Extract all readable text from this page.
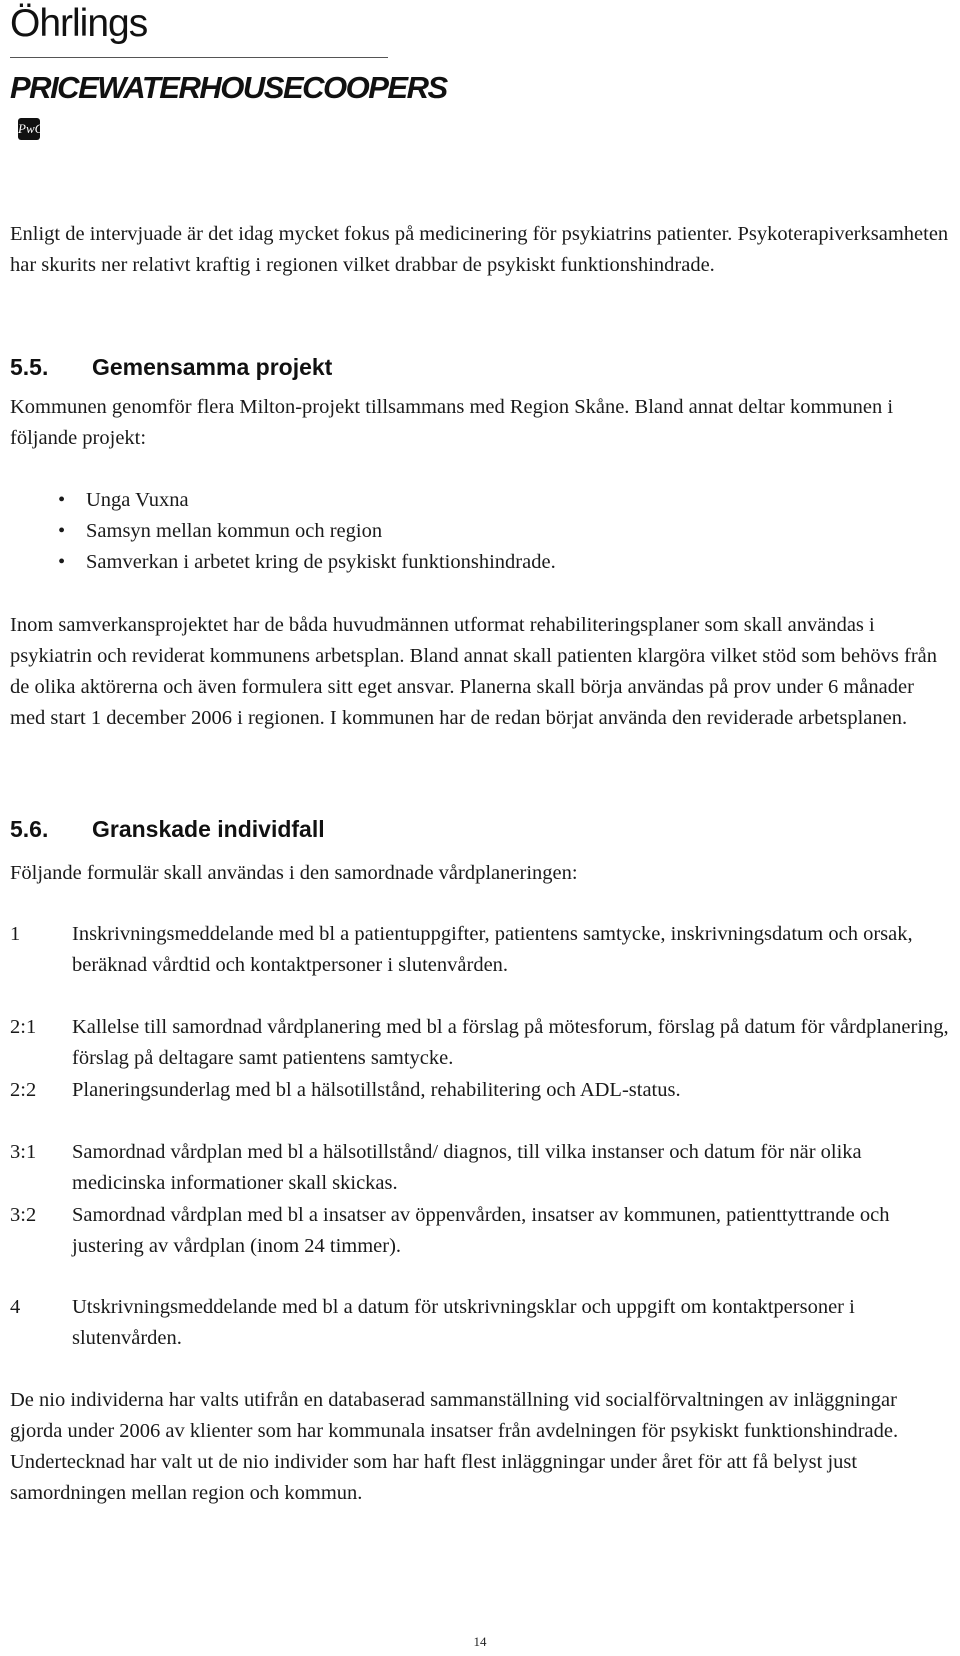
Öhrlings
PRICEWATERHOUSECOOPERS PwC

Enligt de intervjuade är det idag mycket fokus på medicinering för psykiatrins patienter. Psykoterapiverksamheten har skurits ner relativt kraftig i regionen vilket drabbar de psykiskt funktionshindrade.

5.5. Gemensamma projekt

Kommunen genomför flera Milton-projekt tillsammans med Region Skåne. Bland annat deltar kommunen i följande projekt:

• Unga Vuxna
• Samsyn mellan kommun och region
• Samverkan i arbetet kring de psykiskt funktionshindrade.

Inom samverkansprojektet har de båda huvudmännen utformat rehabiliteringsplaner som skall användas i psykiatrin och reviderat kommunens arbetsplan. Bland annat skall patienten klargöra vilket stöd som behövs från de olika aktörerna och även formulera sitt eget ansvar. Planerna skall börja användas på prov under 6 månader med start 1 december 2006 i regionen. I kommunen har de redan börjat använda den reviderade arbetsplanen.

5.6. Granskade individfall

Följande formulär skall användas i den samordnade vårdplaneringen:

1	Inskrivningsmeddelande med bl a patientuppgifter, patientens samtycke, inskrivningsdatum och orsak, beräknad vårdtid och kontaktpersoner i slutenvården.
2:1 Kallelse till samordnad vårdplanering med bl a förslag på mötesforum, förslag på datum för vårdplanering, förslag på deltagare samt patientens samtycke.
2:2 Planeringsunderlag med bl a hälsotillstånd, rehabilitering och ADL-status.
3:1 Samordnad vårdplan med bl a hälsotillstånd/ diagnos, till vilka instanser och datum för när olika medicinska informationer skall skickas.
3:2 Samordnad vårdplan med bl a insatser av öppenvården, insatser av kommunen, patienttyttrande och justering av vårdplan (inom 24 timmer).
4	Utskrivningsmeddelande med bl a datum för utskrivningsklar och uppgift om kontaktpersoner i slutenvården.

De nio individerna har valts utifrån en databaserad sammanställning vid socialförvaltningen av inläggningar gjorda under 2006 av klienter som har kommunala insatser från avdelningen för psykiskt funktionshindrade. Undertecknad har valt ut de nio individer som har haft flest inläggningar under året för att få belyst just samordningen mellan region och kommun.

14
